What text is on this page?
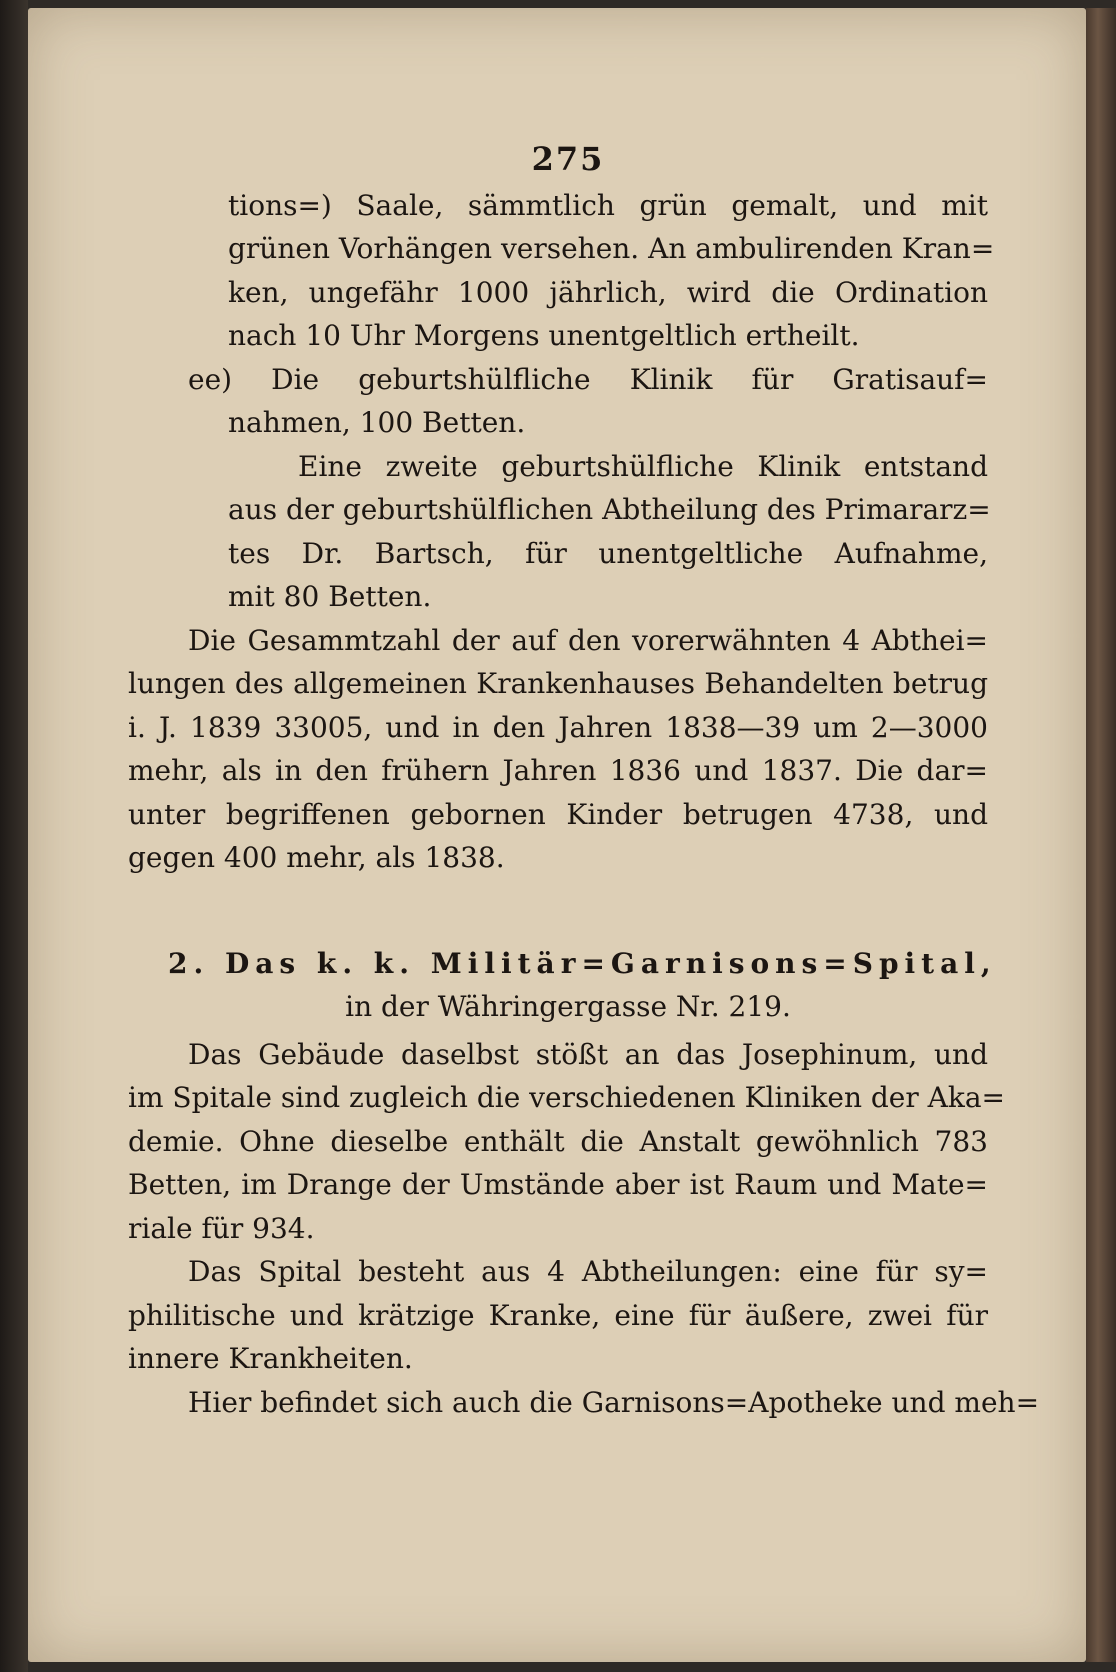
275
tions=) Saale, sämmtlich grün gemalt, und mit
grünen Vorhängen versehen. An ambulirenden Kran=
ken, ungefähr 1000 jährlich, wird die Ordination
nach 10 Uhr Morgens unentgeltlich ertheilt.
ee) Die geburtshülfliche Klinik für Gratisauf=
nahmen, 100 Betten.
Eine zweite geburtshülfliche Klinik entstand
aus der geburtshülflichen Abtheilung des Primararz=
tes Dr. Bartsch, für unentgeltliche Aufnahme,
mit 80 Betten.
Die Gesammtzahl der auf den vorerwähnten 4 Abthei=
lungen des allgemeinen Krankenhauses Behandelten betrug
i. J. 1839 33005, und in den Jahren 1838—39 um 2—3000
mehr, als in den frühern Jahren 1836 und 1837. Die dar=
unter begriffenen gebornen Kinder betrugen 4738, und
gegen 400 mehr, als 1838.
2. Das k. k. Militär=Garnisons=Spital,
in der Währingergasse Nr. 219.
Das Gebäude daselbst stößt an das Josephinum, und
im Spitale sind zugleich die verschiedenen Kliniken der Aka=
demie. Ohne dieselbe enthält die Anstalt gewöhnlich 783
Betten, im Drange der Umstände aber ist Raum und Mate=
riale für 934.
Das Spital besteht aus 4 Abtheilungen: eine für sy=
philitische und krätzige Kranke, eine für äußere, zwei für
innere Krankheiten.
Hier befindet sich auch die Garnisons=Apotheke und meh=
